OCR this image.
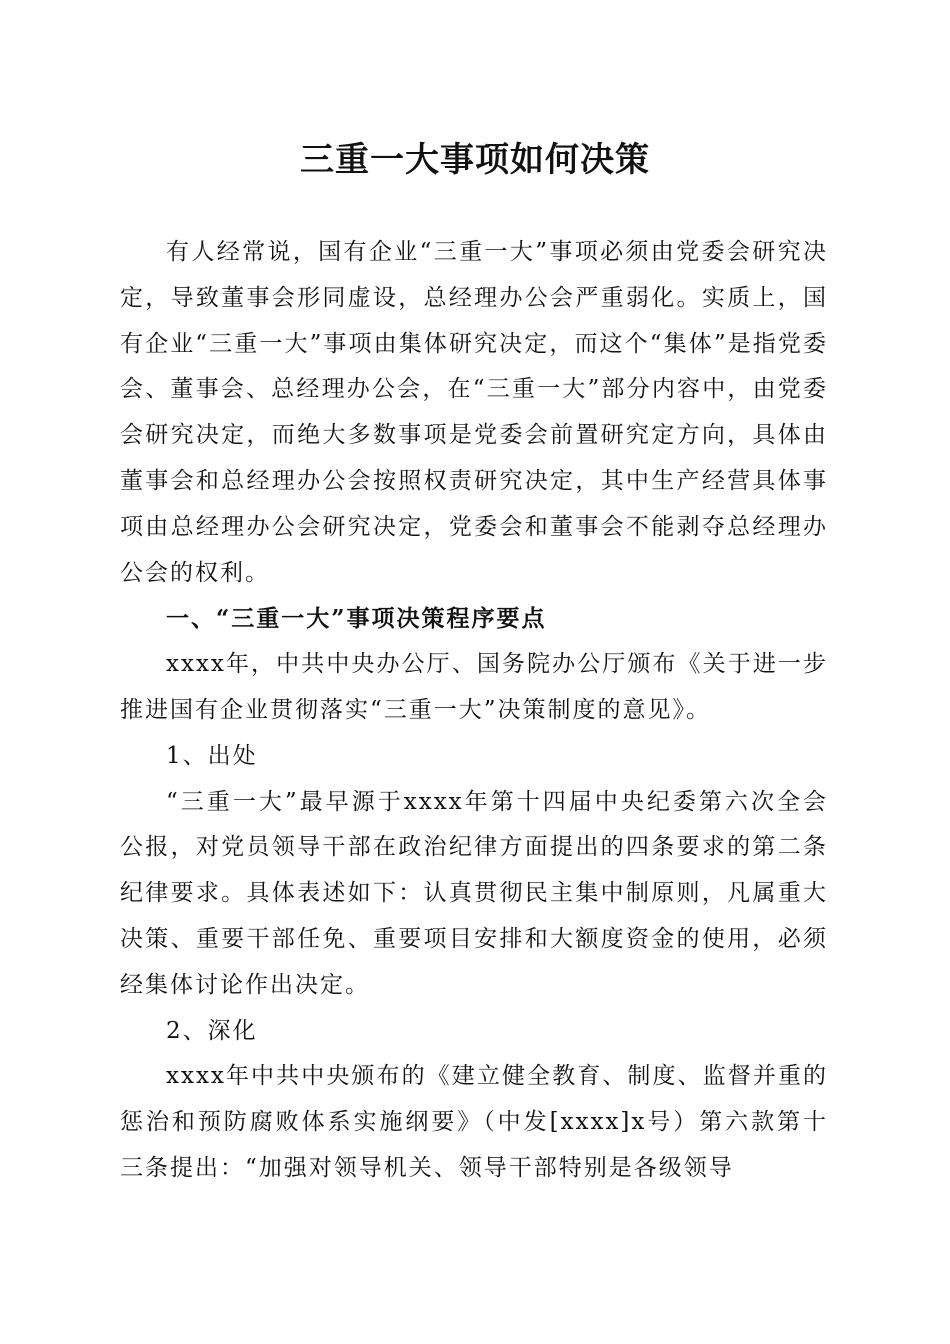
三重一大事项如何决策

有人经常说，国有企业“三重一大”事项必须由党委会研究决定，导致董事会形同虚设，总经理办公会严重弱化。实质上，国有企业“三重一大”事项由集体研究决定，而这个“集体”是指党委会、董事会、总经理办公会，在“三重一大”部分内容中，由党委会研究决定，而绝大多数事项是党委会前置研究定方向，具体由董事会和总经理办公会按照权责研究决定，其中生产经营具体事项由总经理办公会研究决定，党委会和董事会不能剥夺总经理办公会的权利。

一、“三重一大”事项决策程序要点

xxxx年，中共中央办公厅、国务院办公厅颁布《关于进一步推进国有企业贯彻落实“三重一大”决策制度的意见》。

1、出处

“三重一大”最早源于xxxx年第十四届中央纪委第六次全会公报，对党员领导干部在政治纪律方面提出的四条要求的第二条纪律要求。具体表述如下：认真贯彻民主集中制原则，凡属重大决策、重要干部任免、重要项目安排和大额度资金的使用，必须经集体讨论作出决定。

2、深化

xxxx年中共中央颁布的《建立健全教育、制度、监督并重的惩治和预防腐败体系实施纲要》（中发[xxxx]x号）第六款第十三条提出：“加强对领导机关、领导干部特别是各级领导
